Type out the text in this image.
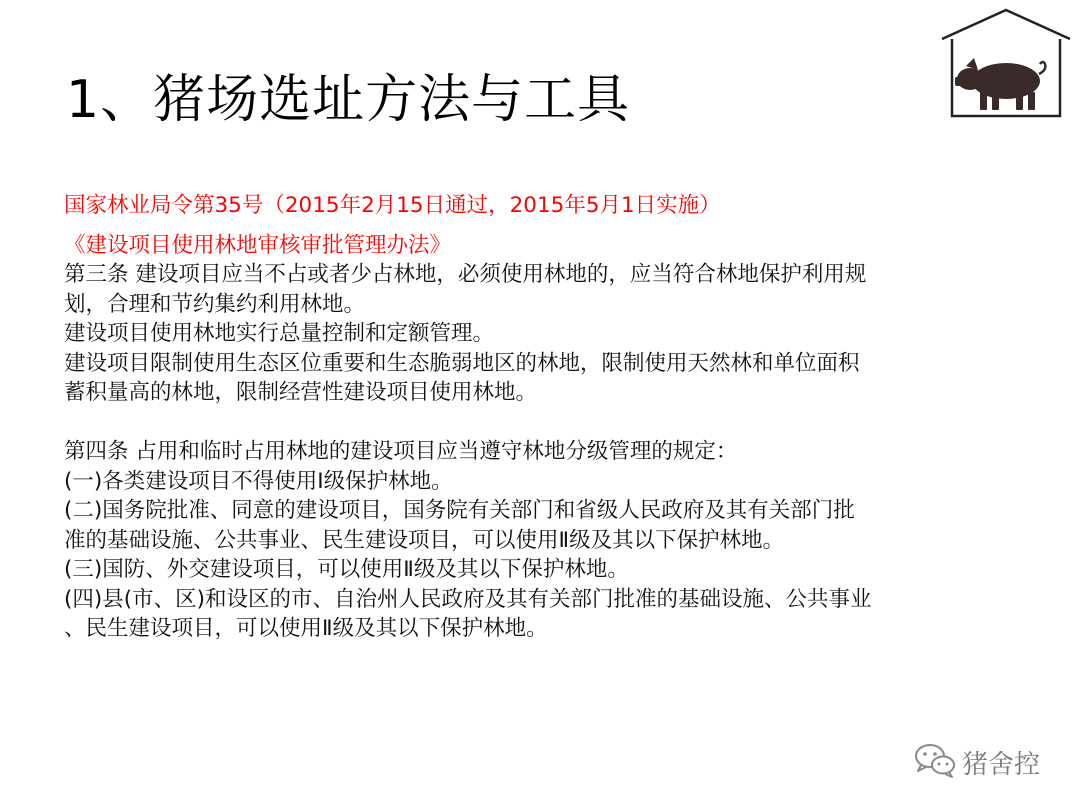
1、猪场选址方法与工具
国家林业局令第35号（2015年2月15日通过，2015年5月1日实施）
《建设项目使用林地审核审批管理办法》
第三条 建设项目应当不占或者少占林地，必须使用林地的，应当符合林地保护利用规
划，合理和节约集约利用林地。
建设项目使用林地实行总量控制和定额管理。
建设项目限制使用生态区位重要和生态脆弱地区的林地，限制使用天然林和单位面积
蓄积量高的林地，限制经营性建设项目使用林地。
第四条 占用和临时占用林地的建设项目应当遵守林地分级管理的规定：
(一)各类建设项目不得使用Ⅰ级保护林地。
(二)国务院批准、同意的建设项目，国务院有关部门和省级人民政府及其有关部门批
准的基础设施、公共事业、民生建设项目，可以使用Ⅱ级及其以下保护林地。
(三)国防、外交建设项目，可以使用Ⅱ级及其以下保护林地。
(四)县(市、区)和设区的市、自治州人民政府及其有关部门批准的基础设施、公共事业
、民生建设项目，可以使用Ⅱ级及其以下保护林地。
猪舍控
